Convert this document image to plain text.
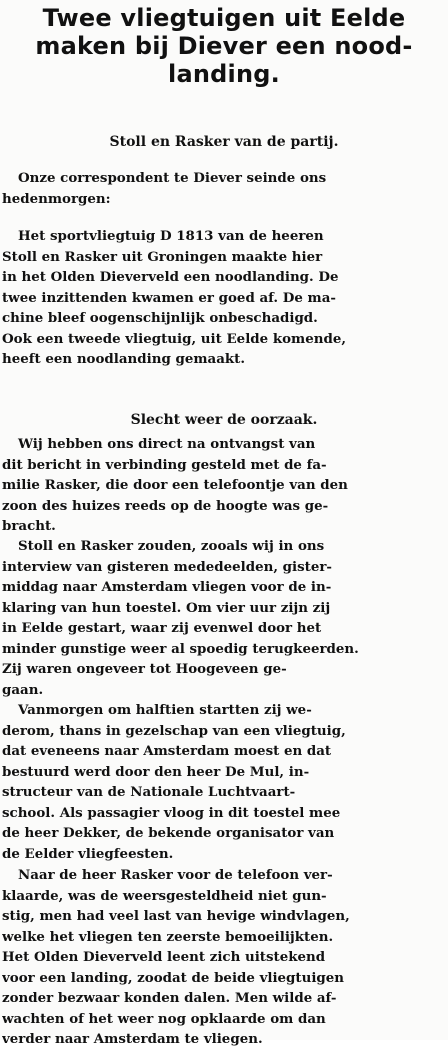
Twee vliegtuigen uit Eelde
maken bij Diever een nood-
landing.
Stoll en Rasker van de partij.
Onze correspondent te Diever seinde ons
hedenmorgen:
Het sportvliegtuig D 1813 van de heeren
Stoll en Rasker uit Groningen maakte hier
in het Olden Dieverveld een noodlanding. De
twee inzittenden kwamen er goed af. De ma-
chine bleef oogenschijnlijk onbeschadigd.
Ook een tweede vliegtuig, uit Eelde komende,
heeft een noodlanding gemaakt.
Slecht weer de oorzaak.
Wij hebben ons direct na ontvangst van
dit bericht in verbinding gesteld met de fa-
milie Rasker, die door een telefoontje van den
zoon des huizes reeds op de hoogte was ge-
bracht.
Stoll en Rasker zouden, zooals wij in ons
interview van gisteren mededeelden, gister-
middag naar Amsterdam vliegen voor de in-
klaring van hun toestel. Om vier uur zijn zij
in Eelde gestart, waar zij evenwel door het
minder gunstige weer al spoedig terugkeerden.
Zij waren ongeveer tot Hoogeveen ge-
gaan.
Vanmorgen om halftien startten zij we-
derom, thans in gezelschap van een vliegtuig,
dat eveneens naar Amsterdam moest en dat
bestuurd werd door den heer De Mul, in-
structeur van de Nationale Luchtvaart-
school. Als passagier vloog in dit toestel mee
de heer Dekker, de bekende organisator van
de Eelder vliegfeesten.
Naar de heer Rasker voor de telefoon ver-
klaarde, was de weersgesteldheid niet gun-
stig, men had veel last van hevige windvlagen,
welke het vliegen ten zeerste bemoeilijkten.
Het Olden Dieverveld leent zich uitstekend
voor een landing, zoodat de beide vliegtuigen
zonder bezwaar konden dalen. Men wilde af-
wachten of het weer nog opklaarde om dan
verder naar Amsterdam te vliegen.
